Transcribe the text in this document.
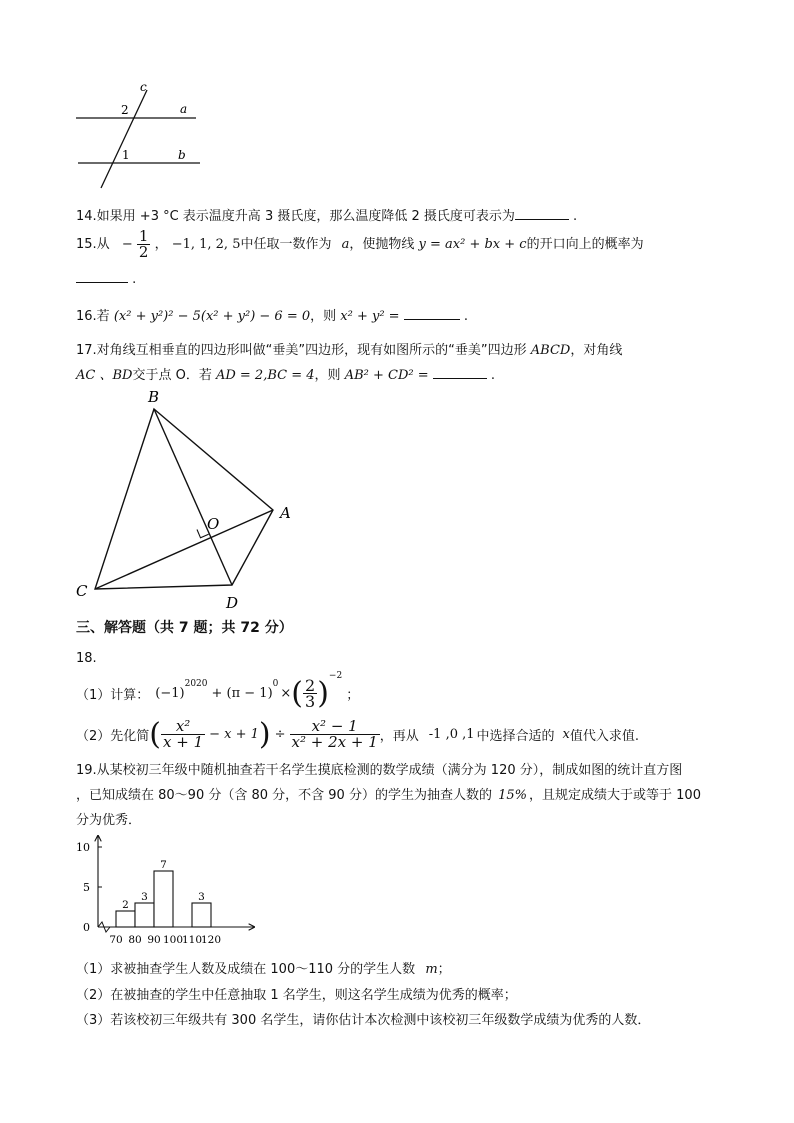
c
a
b
2
1
14.如果用 +3 °C 表示温度升高 3 摄氏度，那么温度降低 2 摄氏度可表示为	.
15.从 − $\frac{1}{2}$ ， −1, 1, 2, 5中任取一数作为 a，使抛物线 y = ax² + bx + c的开口向上的概率为
.
16.若 (x² + y²)² − 5(x² + y²) − 6 = 0，则 x² + y² =	.
17.对角线互相垂直的四边形叫做“垂美”四边形，现有如图所示的“垂美”四边形 ABCD，对角线
AC 、BD交于点 O．若 AD = 2,BC = 4，则 AB² + CD² =	.
B
A
O
C
D
三、解答题（共 7 题；共 72 分）
18.
（1）计算： (−1)
$^{2020}$
+ (π − 1)
$^0$
× ( $\frac{2}{3} )^{-2}$
；
（2）先化简 ( $\frac{\text{x²}}{x + 1} - x + 1$ ) ÷ $\frac{\text{x² − 1}}{\text{x² + 2x + 1}}$ ，再从 -1 ,0 ,1 中选择合适的 x 值代入求值.
19.从某校初三年级中随机抽查若干名学生摸底检测的数学成绩（满分为 120 分），制成如图的统计直方图
，已知成绩在 80～90 分（含 80 分，不含 90 分）的学生为抽查人数的 15% ，且规定成绩大于或等于 100
分为优秀．
0
5
10
70 80 90 100
110
120
2
3
7
3
（1）求被抽查学生人数及成绩在 100～110 分的学生人数 m；
（2）在被抽查的学生中任意抽取 1 名学生，则这名学生成绩为优秀的概率；
（3）若该校初三年级共有 300 名学生，请你估计本次检测中该校初三年级数学成绩为优秀的人数．
